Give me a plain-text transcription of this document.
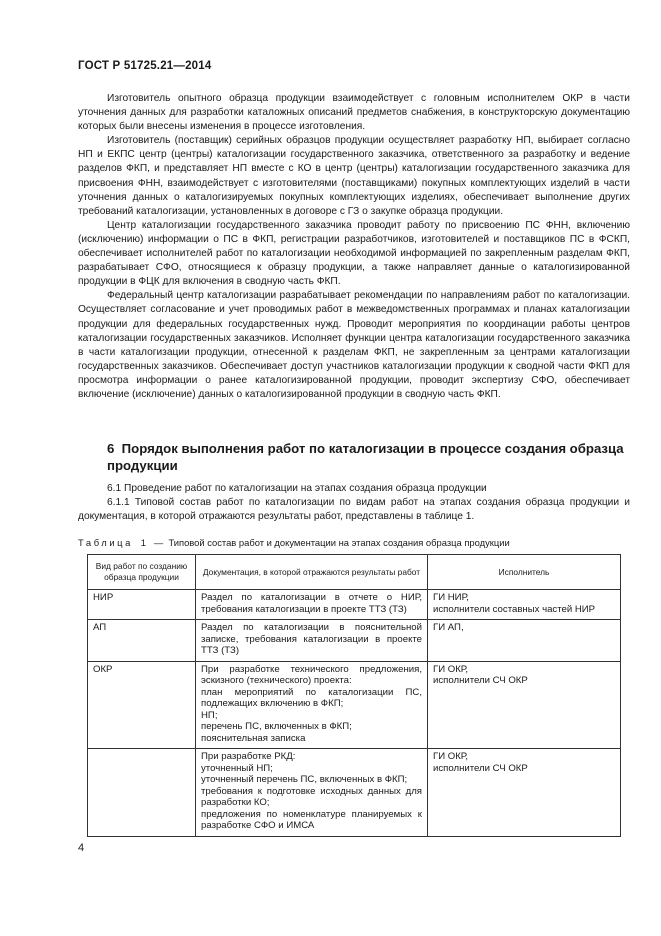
ГОСТ Р 51725.21—2014

Изготовитель опытного образца продукции взаимодействует с головным исполнителем ОКР в части уточнения данных для разработки каталожных описаний предметов снабжения, в конструкторскую документацию которых были внесены изменения в процессе изготовления.

Изготовитель (поставщик) серийных образцов продукции осуществляет разработку НП, выбирает согласно НП и ЕКПС центр (центры) каталогизации государственного заказчика, ответственного за разработку и ведение разделов ФКП, и представляет НП вместе с КО в центр (центры) каталогизации государственного заказчика для присвоения ФНН, взаимодействует с изготовителями (поставщиками) покупных комплектующих изделий в части уточнения данных о каталогизируемых покупных комплектующих изделиях, обеспечивает выполнение других требований каталогизации, установленных в договоре с ГЗ о закупке образца продукции.

Центр каталогизации государственного заказчика проводит работу по присвоению ПС ФНН, включению (исключению) информации о ПС в ФКП, регистрации разработчиков, изготовителей и поставщиков ПС в ФСКП, обеспечивает исполнителей работ по каталогизации необходимой информацией по закрепленным разделам ФКП, разрабатывает СФО, относящиеся к образцу продукции, а также направляет данные о каталогизированной продукции в ФЦК для включения в сводную часть ФКП.

Федеральный центр каталогизации разрабатывает рекомендации по направлениям работ по каталогизации. Осуществляет согласование и учет проводимых работ в межведомственных программах и планах каталогизации продукции для федеральных государственных нужд. Проводит мероприятия по координации работы центров каталогизации государственных заказчиков. Исполняет функции центра каталогизации государственного заказчика в части каталогизации продукции, отнесенной к разделам ФКП, не закрепленным за центрами каталогизации государственных заказчиков. Обеспечивает доступ участников каталогизации продукции к сводной части ФКП для просмотра информации о ранее каталогизированной продукции, проводит экспертизу СФО, обеспечивает включение (исключение) данных о каталогизированной продукции в сводную часть ФКП.

6 Порядок выполнения работ по каталогизации в процессе создания образца продукции

6.1 Проведение работ по каталогизации на этапах создания образца продукции

6.1.1 Типовой состав работ по каталогизации по видам работ на этапах создания образца продукции и документация, в которой отражаются результаты работ, представлены в таблице 1.

Таблица 1 — Типовой состав работ и документации на этапах создания образца продукции
Вид работ по созданию образца продукции	Документация, в которой отражаются результаты работ	Исполнитель
НИР	Раздел по каталогизации в отчете о НИР, требования каталогизации в проекте ТТЗ (ТЗ)	ГИ НИР,
исполнители составных частей НИР

АП	Раздел по каталогизации в пояснительной записке, требования каталогизации в проекте ТТЗ (ТЗ)	ГИ АП,

ОКР	При разработке технического предложения, эскизного (технического) проекта:
план мероприятий по каталогизации ПС, подлежащих включению в ФКП;
НП;
перечень ПС, включенных в ФКП;
пояснительная записка	ГИ ОКР,
исполнители СЧ ОКР

	При разработке РКД:
уточненный НП;
уточненный перечень ПС, включенных в ФКП;
требования к подготовке исходных данных для разработки КО;
предложения по номенклатуре планируемых к разработке СФО и ИМСА	ГИ ОКР,
исполнители СЧ ОКР
4
